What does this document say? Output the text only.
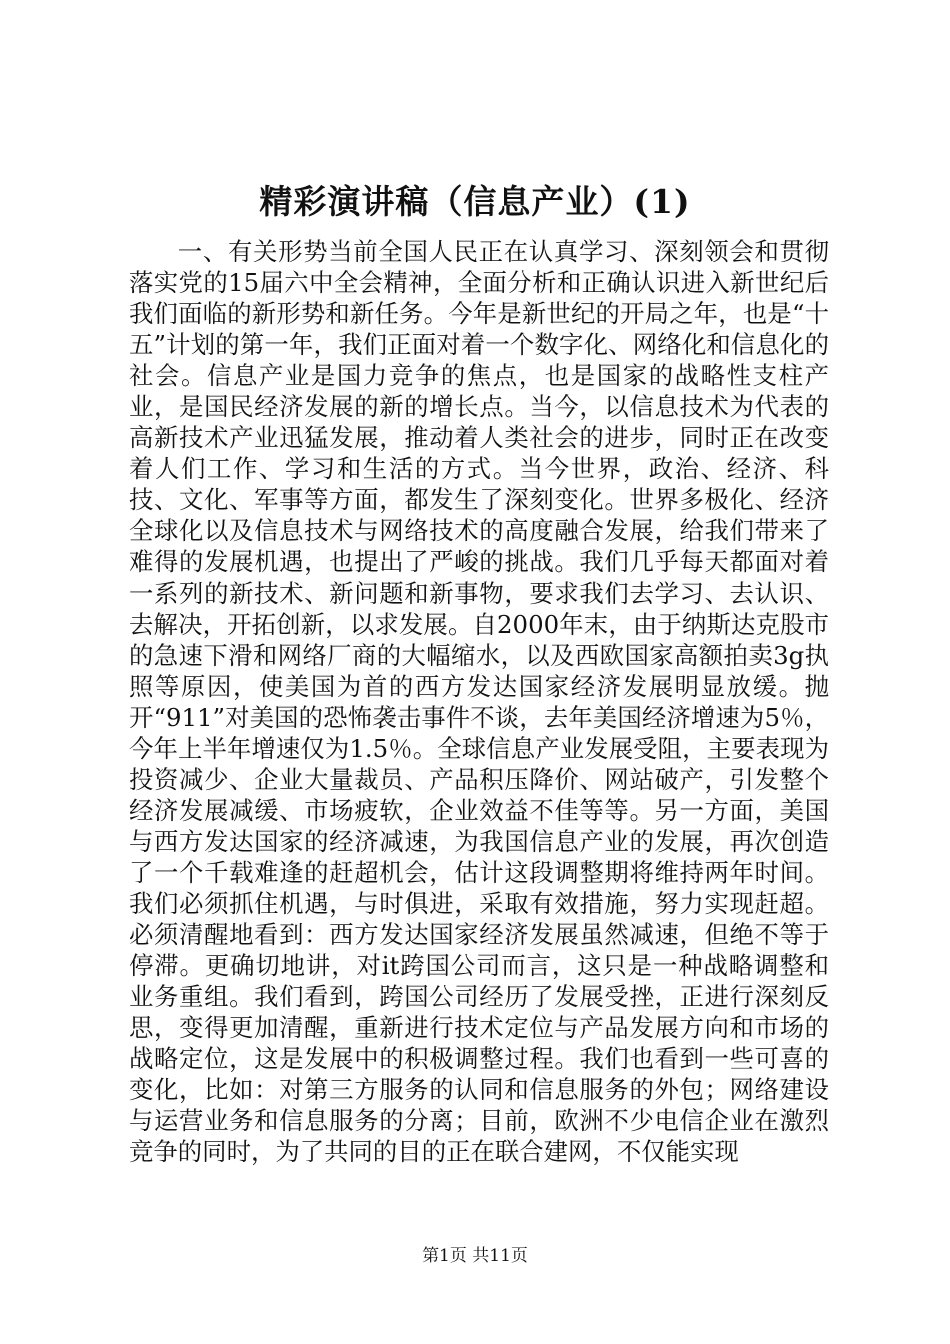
精彩演讲稿（信息产业）(1)

一、有关形势当前全国人民正在认真学习、深刻领会和贯彻落实党的15届六中全会精神，全面分析和正确认识进入新世纪后我们面临的新形势和新任务。今年是新世纪的开局之年，也是“十五”计划的第一年，我们正面对着一个数字化、网络化和信息化的社会。信息产业是国力竞争的焦点，也是国家的战略性支柱产业，是国民经济发展的新的增长点。当今，以信息技术为代表的高新技术产业迅猛发展，推动着人类社会的进步，同时正在改变着人们工作、学习和生活的方式。当今世界，政治、经济、科技、文化、军事等方面，都发生了深刻变化。世界多极化、经济全球化以及信息技术与网络技术的高度融合发展，给我们带来了难得的发展机遇，也提出了严峻的挑战。我们几乎每天都面对着一系列的新技术、新问题和新事物，要求我们去学习、去认识、去解决，开拓创新，以求发展。自2000年末，由于纳斯达克股市的急速下滑和网络厂商的大幅缩水，以及西欧国家高额拍卖3g执照等原因，使美国为首的西方发达国家经济发展明显放缓。抛开“911”对美国的恐怖袭击事件不谈，去年美国经济增速为5％，今年上半年增速仅为1.5％。全球信息产业发展受阻，主要表现为投资减少、企业大量裁员、产品积压降价、网站破产，引发整个经济发展减缓、市场疲软，企业效益不佳等等。另一方面，美国与西方发达国家的经济减速，为我国信息产业的发展，再次创造了一个千载难逢的赶超机会，估计这段调整期将维持两年时间。我们必须抓住机遇，与时俱进，采取有效措施，努力实现赶超。必须清醒地看到：西方发达国家经济发展虽然减速，但绝不等于停滞。更确切地讲，对it跨国公司而言，这只是一种战略调整和业务重组。我们看到，跨国公司经历了发展受挫，正进行深刻反思，变得更加清醒，重新进行技术定位与产品发展方向和市场的战略定位，这是发展中的积极调整过程。我们也看到一些可喜的变化，比如：对第三方服务的认同和信息服务的外包；网络建设与运营业务和信息服务的分离；目前，欧洲不少电信企业在激烈竞争的同时，为了共同的目的正在联合建网，不仅能实现

第1页 共11页
